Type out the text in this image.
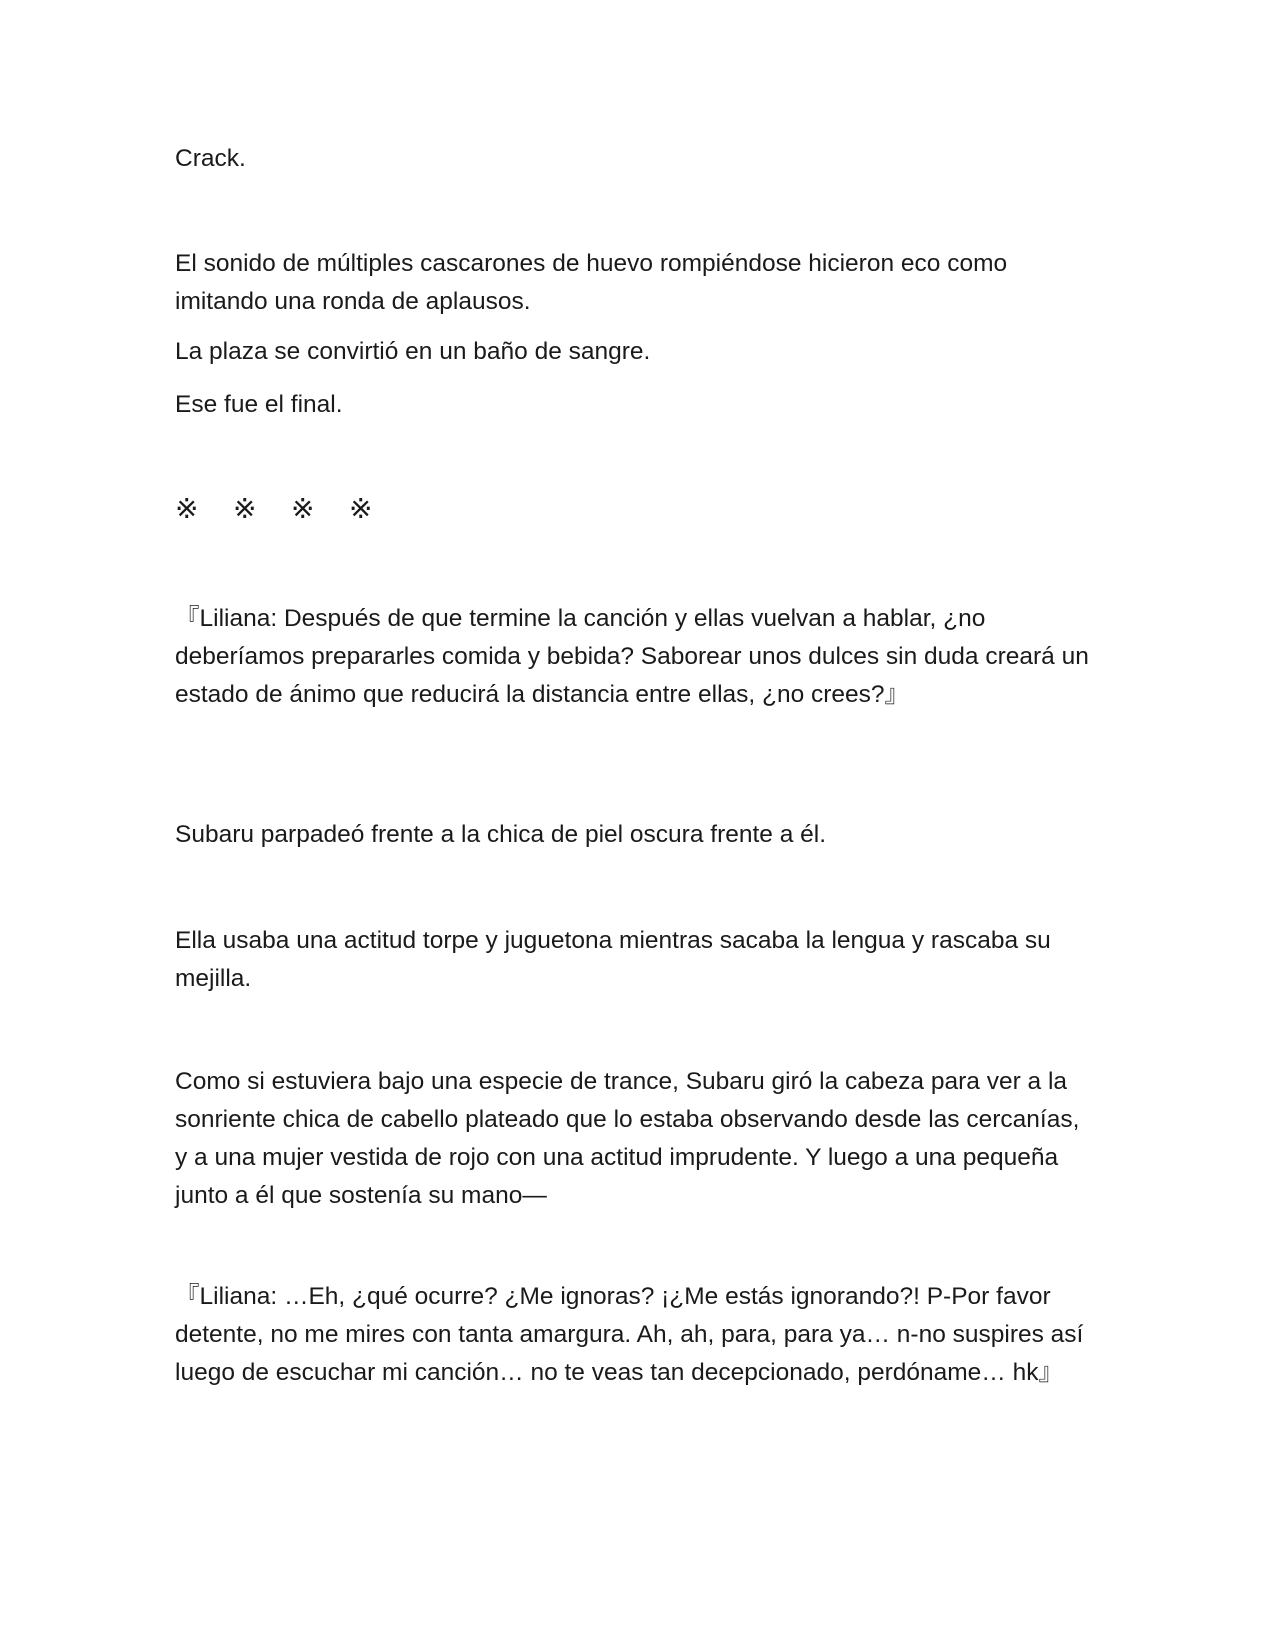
Crack.

El sonido de múltiples cascarones de huevo rompiéndose hicieron eco como imitando una ronda de aplausos.

La plaza se convirtió en un baño de sangre.

Ese fue el final.

※ ※ ※ ※

『Liliana: Después de que termine la canción y ellas vuelvan a hablar, ¿no deberíamos prepararles comida y bebida? Saborear unos dulces sin duda creará un estado de ánimo que reducirá la distancia entre ellas, ¿no crees?』

Subaru parpadeó frente a la chica de piel oscura frente a él.

Ella usaba una actitud torpe y juguetona mientras sacaba la lengua y rascaba su mejilla.

Como si estuviera bajo una especie de trance, Subaru giró la cabeza para ver a la sonriente chica de cabello plateado que lo estaba observando desde las cercanías, y a una mujer vestida de rojo con una actitud imprudente. Y luego a una pequeña junto a él que sostenía su mano—

『Liliana: …Eh, ¿qué ocurre? ¿Me ignoras? ¡¿Me estás ignorando?! P-Por favor detente, no me mires con tanta amargura. Ah, ah, para, para ya… n-no suspires así luego de escuchar mi canción… no te veas tan decepcionado, perdóname… hk』
